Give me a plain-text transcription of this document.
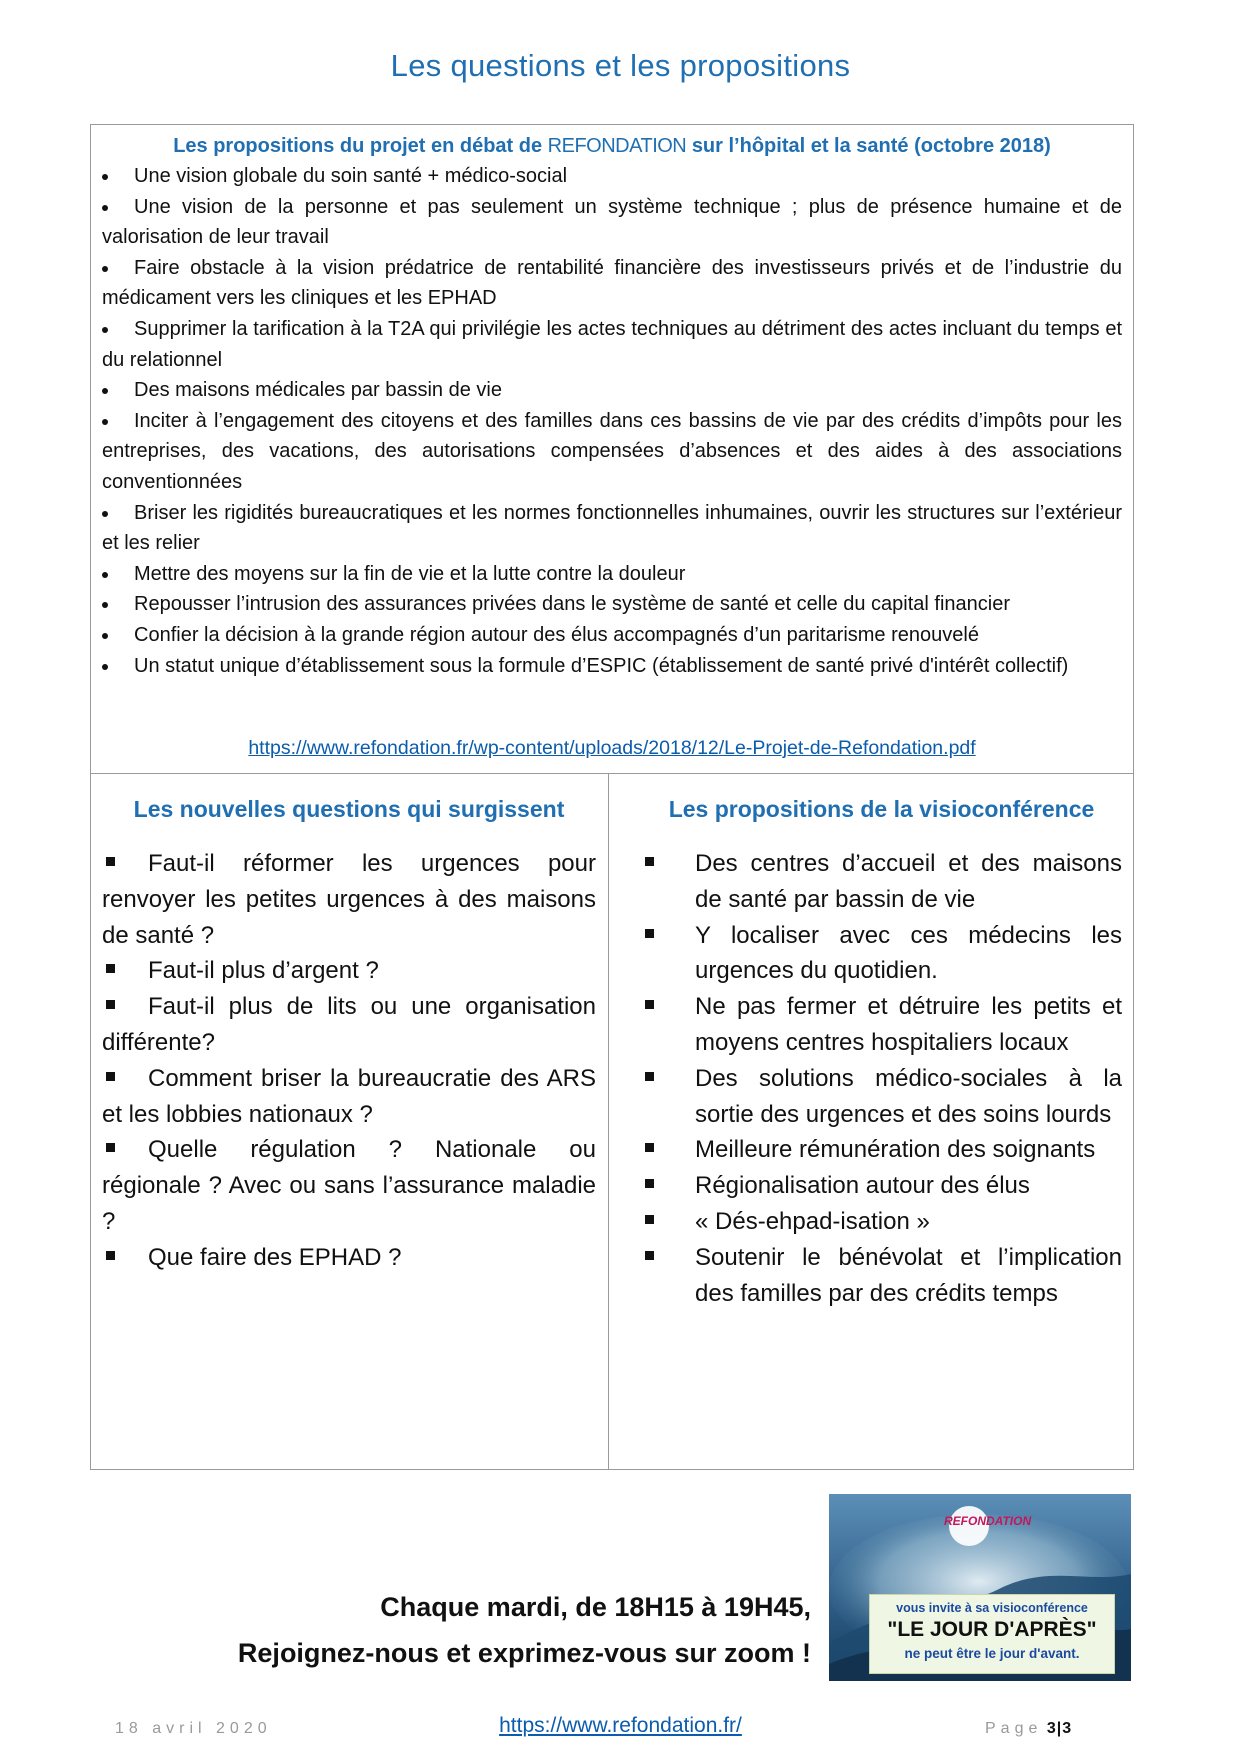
Les questions et les propositions
Les propositions du projet en débat de REFONDATION sur l’hôpital et la santé (octobre 2018)
Une vision globale du soin santé + médico-social
Une vision de la personne et pas seulement un système technique ; plus de présence humaine et de valorisation de leur travail
Faire obstacle à la vision prédatrice de rentabilité financière des investisseurs privés et de l’industrie du médicament vers les cliniques et les EPHAD
Supprimer la tarification à la T2A qui privilégie les actes techniques au détriment des actes incluant du temps et du relationnel
Des maisons médicales par bassin de vie
Inciter à l’engagement des citoyens et des familles dans ces bassins de vie par des crédits d’impôts pour les entreprises, des vacations, des autorisations compensées d’absences et des aides à des associations conventionnées
Briser les rigidités bureaucratiques et les normes fonctionnelles inhumaines, ouvrir les structures sur l’extérieur et les relier
Mettre des moyens sur la fin de vie et la lutte contre la douleur
Repousser l’intrusion des assurances privées dans le système de santé et celle du capital financier
Confier la décision à la grande région autour des élus accompagnés d’un paritarisme renouvelé
Un statut unique d’établissement sous la formule d’ESPIC (établissement de santé privé d'intérêt collectif)
https://www.refondation.fr/wp-content/uploads/2018/12/Le-Projet-de-Refondation.pdf
Les nouvelles questions qui surgissent
Faut-il réformer les urgences pour renvoyer les petites urgences à des maisons de santé ?
Faut-il plus d’argent ?
Faut-il plus de lits ou une organisation différente?
Comment briser la bureaucratie des ARS et les lobbies nationaux ?
Quelle régulation ? Nationale ou régionale ? Avec ou sans l’assurance maladie ?
Que faire des EPHAD ?
Les propositions de la visioconférence
Des centres d’accueil et des maisons de santé par bassin de vie
Y localiser avec ces médecins les urgences du quotidien.
Ne pas fermer et détruire les petits et moyens centres hospitaliers locaux
Des solutions médico-sociales à la sortie des urgences et des soins lourds
Meilleure rémunération des soignants
Régionalisation autour des élus
« Dés-ehpad-isation »
Soutenir le bénévolat et l’implication des familles par des crédits temps
REFONDATION
vous invite à sa visioconférence
"LE JOUR D'APRÈS"
ne peut être le jour d'avant.
Chaque mardi, de 18H15 à 19H45,
Rejoignez-nous et exprimez-vous sur zoom !
18 avril 2020	https://www.refondation.fr/	Page 3|3
